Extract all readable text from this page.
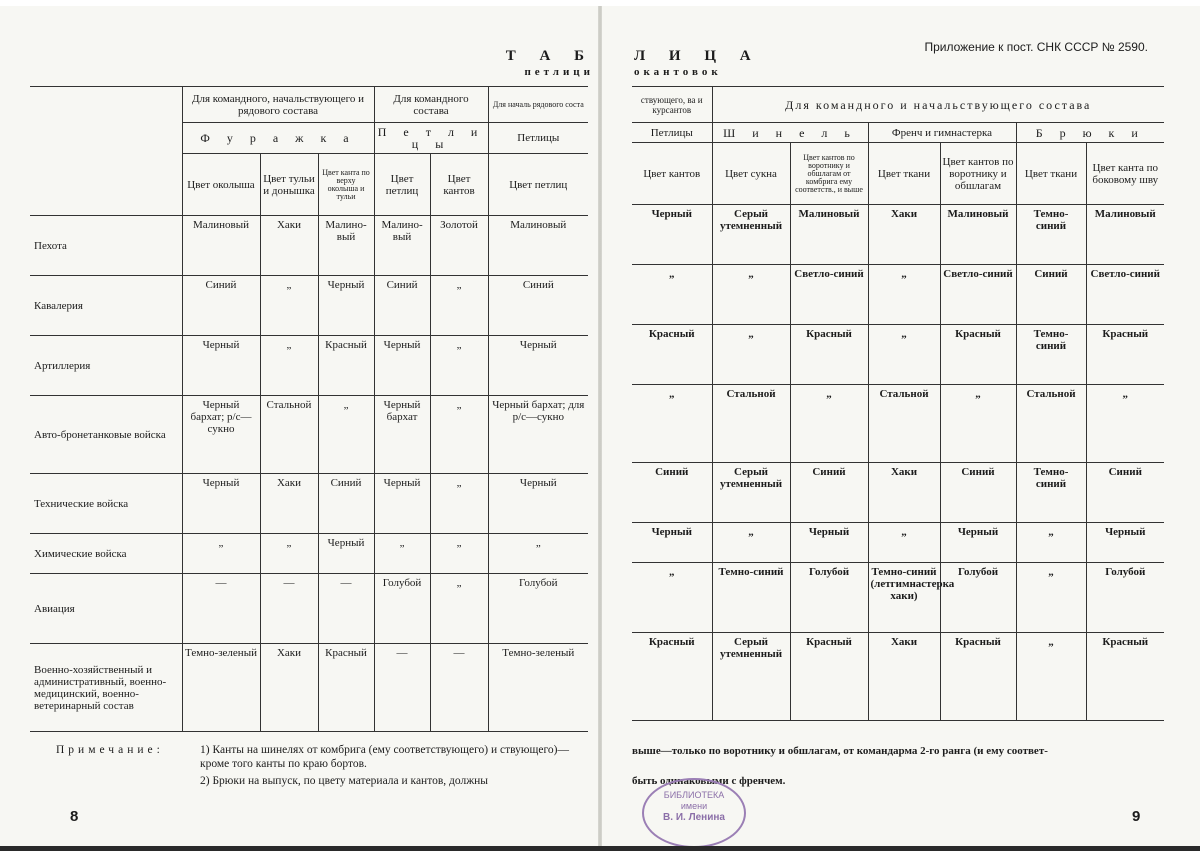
Т А Б
петлици
	Для командного, начальствующего и рядового состава			Для командного состава		Для началь рядового соста
	Ф у р а ж к а			П е т л и ц ы		Петлицы
	Цвет околыша	Цвет тульи и донышка	Цвет канта по верху околыша и тульи	Цвет петлиц	Цвет кантов	Цвет петлиц
Пехота	Малиновый	Хаки	Малино-вый	Малино-вый	Золотой	Малиновый
Кавалерия	Синий	„	Черный	Синий	„	Синий
Артиллерия	Черный	„	Красный	Черный	„	Черный
Авто-бронетанковые войска	Черный бархат; р/с—сукно	Стальной	„	Черный бархат	„	Черный бархат; для р/с—сукно
Технические войска	Черный	Хаки	Синий	Черный	„	Черный
Химические войска	„	„	Черный	„	„	„
Авиация	—	—	—	Голубой	„	Голубой
Военно-хозяйственный и административный, военно-медицинский, военно-ветеринарный состав	Темно-зеленый	Хаки	Красный	—	—	Темно-зеленый
Примечание:	1) Канты на шинелях от комбрига (ему соответствующего) и ствующего)—кроме того канты по краю бортов.
2) Брюки на выпуск, по цвету материала и кантов, должны
8
Приложение к пост. СНК СССР № 2590.
Л И Ц А
окантовок
ствующего, ва и курсантов	Для командного и начальствующего состава					
Петлицы	Ш и н е л ь		Френч и гимнастерка		Б р ю к и	
Цвет кантов	Цвет сукна	Цвет кантов по воротнику и обшлагам от комбрига ему соответств., и выше	Цвет ткани	Цвет кантов по воротнику и обшлагам	Цвет ткани	Цвет канта по боковому шву
Черный	Серый утемненный	Малиновый	Хаки	Малиновый	Темно-синий	Малиновый
„	„	Светло-синий	„	Светло-синий	Синий	Светло-синий
Красный	„	Красный	„	Красный	Темно-синий	Красный
„	Стальной	„	Стальной	„	Стальной	„
Синий	Серый утемненный	Синий	Хаки	Синий	Темно-синий	Синий
Черный	„	Черный	„	Черный	„	Черный
„	Темно-синий	Голубой	Темно-синий (летгимнастерка хаки)	Голубой	„	Голубой
Красный	Серый утемненный	Красный	Хаки	Красный	„	Красный
выше—только по воротнику и обшлагам, от командарма 2-го ранга (и ему соответ-
быть одинаковыми с френчем.
БИБЛИОТЕКА
имени
В. И. Ленина	9
